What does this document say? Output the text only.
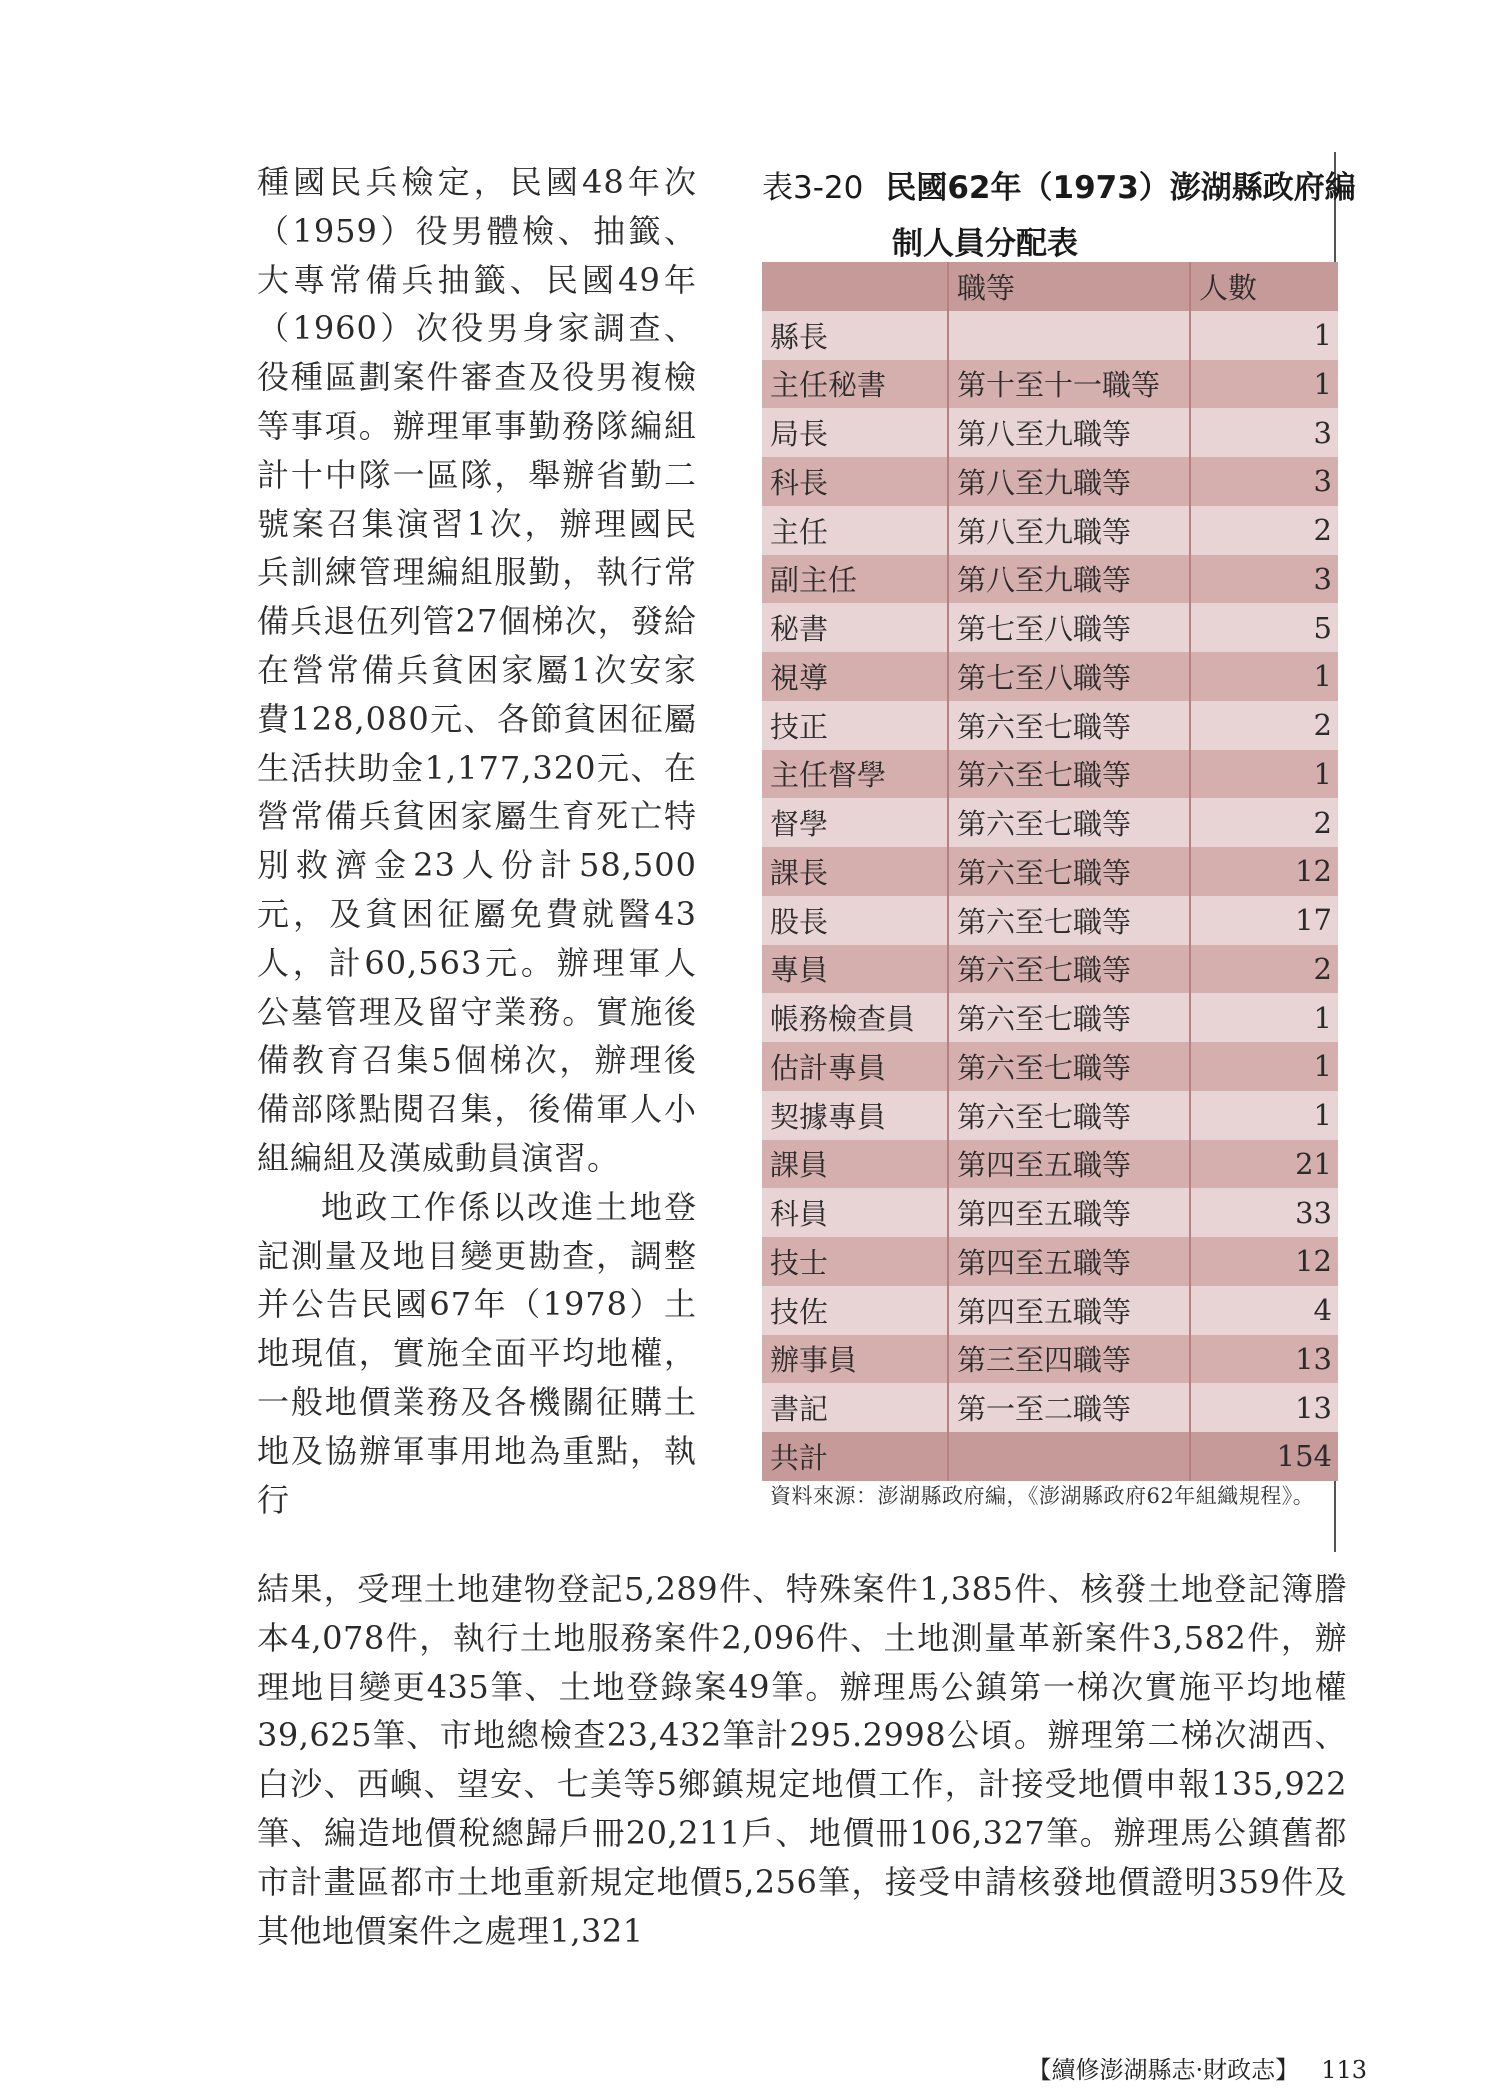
種國民兵檢定，民國48年次（1959）役男體檢、抽籤、大專常備兵抽籤、民國49年（1960）次役男身家調查、役種區劃案件審查及役男複檢等事項。辦理軍事勤務隊編組計十中隊一區隊，舉辦省勤二號案召集演習1次，辦理國民兵訓練管理編組服勤，執行常備兵退伍列管27個梯次，發給在營常備兵貧困家屬1次安家費128,080元、各節貧困征屬生活扶助金1,177,320元、在營常備兵貧困家屬生育死亡特別救濟金23人份計58,500元，及貧困征屬免費就醫43人，計60,563元。辦理軍人公墓管理及留守業務。實施後備教育召集5個梯次，辦理後備部隊點閱召集，後備軍人小組編組及漢威動員演習。

地政工作係以改進土地登記測量及地目變更勘查，調整并公告民國67年（1978）土地現值，實施全面平均地權，一般地價業務及各機關征購土地及協辦軍事用地為重點，執行

表3-20 民國62年（1973）澎湖縣政府編
制人員分配表
	職等	人數
縣長		1
主任秘書	第十至十一職等	1
局長	第八至九職等	3
科長	第八至九職等	3
主任	第八至九職等	2
副主任	第八至九職等	3
秘書	第七至八職等	5
視導	第七至八職等	1
技正	第六至七職等	2
主任督學	第六至七職等	1
督學	第六至七職等	2
課長	第六至七職等	12
股長	第六至七職等	17
專員	第六至七職等	2
帳務檢查員	第六至七職等	1
估計專員	第六至七職等	1
契據專員	第六至七職等	1
課員	第四至五職等	21
科員	第四至五職等	33
技士	第四至五職等	12
技佐	第四至五職等	4
辦事員	第三至四職等	13
書記	第一至二職等	13
共計		154
資料來源：澎湖縣政府編，《澎湖縣政府62年組織規程》。

結果，受理土地建物登記5,289件、特殊案件1,385件、核發土地登記簿謄本4,078件，執行土地服務案件2,096件、土地測量革新案件3,582件，辦理地目變更435筆、土地登錄案49筆。辦理馬公鎮第一梯次實施平均地權39,625筆、市地總檢查23,432筆計295.2998公頃。辦理第二梯次湖西、白沙、西嶼、望安、七美等5鄉鎮規定地價工作，計接受地價申報135,922筆、編造地價稅總歸戶冊20,211戶、地價冊106,327筆。辦理馬公鎮舊都市計畫區都市土地重新規定地價5,256筆，接受申請核發地價證明359件及其他地價案件之處理1,321

【續修澎湖縣志·財政志】 113
